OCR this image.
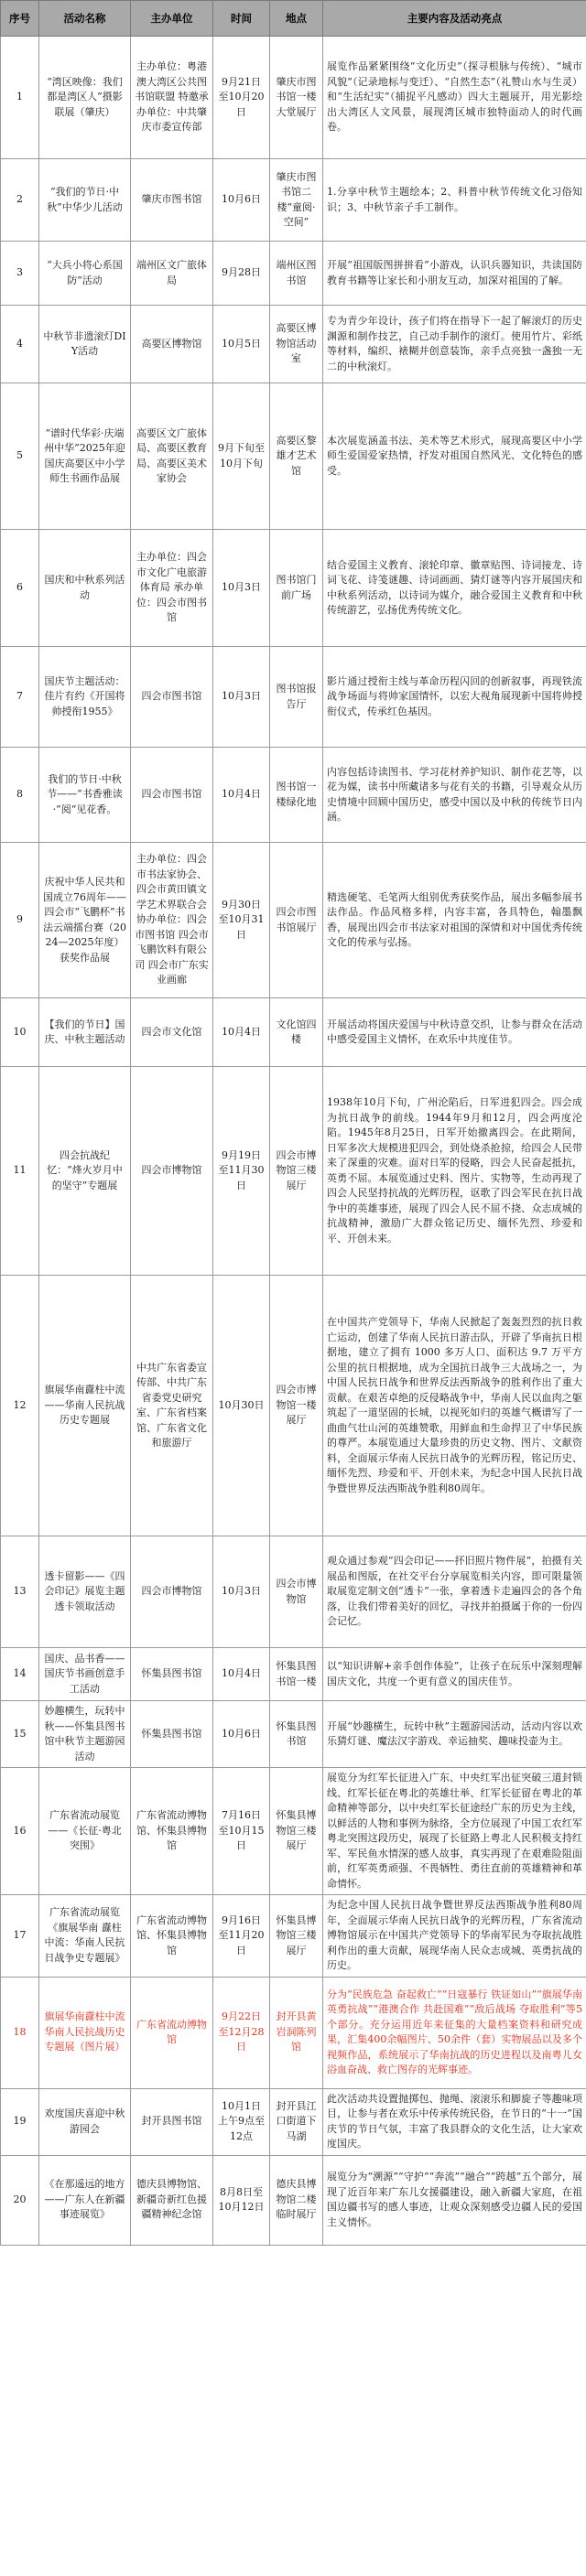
序号	活动名称	主办单位	时间	地点	主要内容及活动亮点
1	“湾区映像：我们都是湾区人”摄影联展（肇庆）	主办单位：粤港澳大湾区公共图书馆联盟 特邀承办单位：中共肇庆市委宣传部	9月21日至10月20日	肇庆市图书馆一楼大堂展厅	展览作品紧紧围绕“文化历史”（探寻根脉与传统）、“城市风貌”（记录地标与变迁）、“自然生态”（礼赞山水与生灵）和“生活纪实”（捕捉平凡感动）四大主题展开，用光影绘出大湾区人文风景，展现湾区城市独特面动人的时代画卷。
2	“我们的节日·中秋”中华少儿活动	肇庆市图书馆	10月6日	肇庆市图书馆二楼“童阅·空间”	1.分享中秋节主题绘本；2、科普中秋节传统文化习俗知识；3、中秋节亲子手工制作。
3	“大兵小将心系国防”活动	端州区文广旅体局	9月28日	端州区图书馆	开展“祖国版图拼拼看”小游戏，认识兵器知识，共读国防教育书籍等让家长和小朋友互动，加深对祖国的了解。
4	中秋节非遗滚灯DIY活动	高要区博物馆	10月5日	高要区博物馆活动室	专为青少年设计，孩子们将在指导下一起了解滚灯的历史渊源和制作技艺，自己动手制作的滚灯。使用竹片、彩纸等材料，编织、裱糊并创意装饰，亲手点亮独一盏独一无二的中秋滚灯。
5	“谱时代华彩·庆端州中华”2025年迎国庆高要区中小学师生书画作品展	高要区文广旅体局、高要区教育局、高要区美术家协会	9月下旬至10月下旬	高要区黎雄才艺术馆	本次展览涵盖书法、美术等艺术形式，展现高要区中小学师生爱国爱家热情，抒发对祖国自然风光、文化特色的感受。
6	国庆和中秋系列活动	主办单位：四会市文化广电旅游体育局 承办单位：四会市图书馆	10月3日	图书馆门前广场	结合爱国主义教育、滚轮印章、徽章贴图、诗词接龙、诗词飞花、诗笺谜趣、诗词画画、猜灯谜等内容开展国庆和中秋系列活动，以诗词为媒介，融合爱国主义教育和中秋传统游艺，弘扬优秀传统文化。
7	国庆节主题活动：佳片有约《开国将帅授衔1955》	四会市图书馆	10月3日	图书馆报告厅	影片通过授衔主线与革命历程闪回的创新叙事，再现铁流战争场面与将帅家国情怀，以宏大视角展现新中国将帅授衔仪式，传承红色基因。
8	我们的节日·中秋节——“书香雅读·”阅“见花香。	四会市图书馆	10月4日	图书馆一楼绿化地	内容包括诗读图书、学习花材养护知识、制作花艺等，以花为媒，读书中所藏诸多与花有关的书籍，引导观众从历史情境中回顾中国历史，感受中国以及中秋的传统节日内涵。
9	庆祝中华人民共和国成立76周年——四会市“飞鹏杯”书法云端擂台赛（2024—2025年度）获奖作品展	主办单位：四会市书法家协会、四会市黄田镇文学艺术界联合会 协办单位：四会市图书馆 四会市飞鹏饮料有限公司 四会市广东实业画廊	9月30日至10月31日	四会市图书馆展厅	精选硬笔、毛笔两大组别优秀获奖作品，展出多幅参展书法作品。作品风格多样，内容丰富，各具特色，翰墨飘香，展现出四会市书法家对祖国的深情和对中国优秀传统文化的传承与弘扬。
10	【我们的节日】国庆、中秋主题活动	四会市文化馆	10月4日	文化馆四楼	开展活动将国庆爱国与中秋诗意交织，让参与群众在活动中感受爱国主义情怀，在欢乐中共度佳节。
11	四会抗战纪忆：“烽火岁月中的坚守”专题展	四会市博物馆	9月19日至11月30日	四会市博物馆三楼展厅	1938年10月下旬，广州沦陷后，日军进犯四会。四会成为抗日战争的前线。1944年9月和12月，四会两度沦陷。1945年8月25日，日军开始撤离四会。在此期间，日军多次大规模进犯四会，到处烧杀抢掠，给四会人民带来了深重的灾难。面对日军的侵略，四会人民奋起抵抗，英勇不屈。本展览通过史料、图片、实物等，生动再现了四会人民坚持抗战的光辉历程，讴歌了四会军民在抗日战争中的英雄事迹，展现了四会人民不屈不挠、众志成城的抗战精神，激励广大群众铭记历史、缅怀先烈、珍爱和平、开创未来。
12	旗展华南纛柱中流——华南人民抗战历史专题展	中共广东省委宣传部、中共广东省委党史研究室、广东省档案馆、广东省文化和旅游厅	10月30日	四会市博物馆一楼展厅	在中国共产党领导下，华南人民掀起了轰轰烈烈的抗日救亡运动，创建了华南人民抗日游击队，开辟了华南抗日根据地，建立了拥有 1000 多万人口、面积达 9.7 万平方公里的抗日根据地，成为全国抗日战争三大战场之一，为中国人民抗日战争和世界反法西斯战争的胜利作出了重大贡献。在艰苦卓绝的反侵略战争中，华南人民以血肉之躯筑起了一道坚固的长城，以视死如归的英雄气概谱写了一曲曲气壮山河的英雄赞歌，用鲜血和生命捍卫了中华民族的尊严。本展览通过大量珍贵的历史文物、图片、文献资料，全面展示华南人民抗日战争的光辉历程，铭记历史、缅怀先烈、珍爱和平、开创未来，为纪念中国人民抗日战争暨世界反法西斯战争胜利80周年。
13	透卡留影——《四会印记》展览主题透卡领取活动	四会市博物馆	10月3日	四会市博物馆	观众通过参观“四会印记——抔旧照片物件展”，拍摄有关展品和图版，在社交平台分享展览相关内容，即可限量领取展览定制文创“透卡”一张，拿着透卡走遍四会的各个角落，让我们带着美好的回忆，寻找并拍摄属于你的一份四会记忆。
14	国庆、品书香——国庆节书画创意手工活动	怀集县图书馆	10月4日	怀集县图书馆一楼	以“知识讲解+亲手创作体验”，让孩子在玩乐中深刻理解国庆文化，共度一个更有意义的国庆佳节。
15	妙趣横生，玩转中秋——怀集县图书馆中秋节主题游园活动	怀集县图书馆	10月6日	怀集县图书馆	开展“妙趣横生，玩转中秋”主题游园活动，活动内容以欢乐猜灯谜、魔法汉字游戏、幸运抽奖、趣味投壶为主。
16	广东省流动展览——《长征·粤北突围》	广东省流动博物馆、怀集县博物馆	7月16日至10月15日	怀集县博物馆三楼展厅	展览分为红军长征进入广东、中央红军出征突破三道封锁线、红军长征在粤北的英雄壮举、红军长征留在粤北的革命精神等部分，以中央红军长征途经广东的历史为主线，以鲜活的人物和事例为脉络，全方位展现了中国工农红军粤北突围这段历史，展现了长征路上粤北人民积极支持红军、军民鱼水情深的感人故事，真实再现了在艰难险阻面前，红军英勇顽强、不畏牺牲、勇往直前的英雄精神和革命情怀。
17	广东省流动展览《旗展华南 纛柱中流：华南人民抗日战争史专题展》	广东省流动博物馆、怀集县博物馆	9月16日至11月20日	怀集县博物馆三楼展厅	为纪念中国人民抗日战争暨世界反法西斯战争胜利80周年，全面展示华南人民抗日战争的光辉历程，广东省流动博物馆展示在中国共产党领导下的华南军民为夺取抗战胜利作出的重大贡献，展现华南人民众志成城、英勇抗战的历史。
18	旗展华南纛柱中流华南人民抗战历史专题展（图片展）	广东省流动博物馆	9月22日至12月28日	封开县黄岩洞陈列馆	分为“民族危急 奋起救亡”“日寇暴行 铁证如山”“旗展华南 英勇抗战”“港澳合作 共赴国难”“敌后战场 夺取胜利”等5个部分。充分运用近年来征集的大量档案资料和研究成果，汇集400余幅图片、50余件（套）实物展品以及多个视频作品，系统展示了华南抗战的历史进程以及南粤儿女浴血奋战、救亡图存的光辉事迹。
19	欢度国庆喜迎中秋游园会	封开县图书馆	10月1日上午9点至12点	封开县江口街道下马湖	此次活动共设置抛掷包、抛绳、滚滚乐和脚旋子等趣味项目，让参与者在欢乐中传承传统民俗，在节日的“十一”国庆节的节日气氛，丰富了我县群众的文化生活，让大家欢度国庆。
20	《在那遥远的地方——广东人在新疆事迹展览》	德庆县博物馆、新疆奇新红色援疆精神纪念馆	8月8日至10月12日	德庆县博物馆二楼临时展厅	展览分为“溯源”“守护”“奔流”“融合”“跨越”五个部分，展现了近百年来广东儿女援疆建设，融入新疆大家庭，在祖国边疆书写的感人事迹，让观众深刻感受边疆人民的爱国主义情怀。
